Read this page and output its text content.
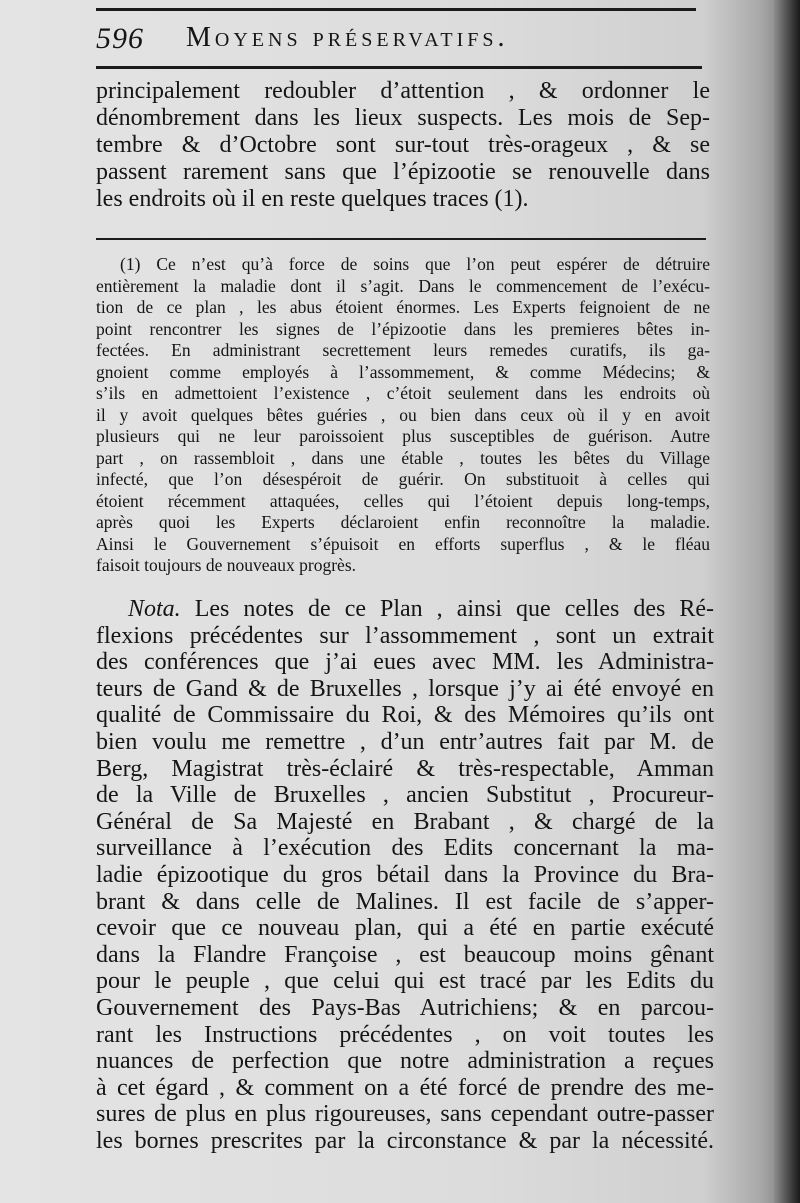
596 Moyens préservatifs.
principalement redoubler d’attention , & ordonner le
dénombrement dans les lieux suspects. Les mois de Sep-
tembre & d’Octobre sont sur-tout très-orageux , & se
passent rarement sans que l’épizootie se renouvelle dans
les endroits où il en reste quelques traces (1).
(1) Ce n’est qu’à force de soins que l’on peut espérer de détruire
entièrement la maladie dont il s’agit. Dans le commencement de l’exécu-
tion de ce plan , les abus étoient énormes. Les Experts feignoient de ne
point rencontrer les signes de l’épizootie dans les premieres bêtes in-
fectées. En administrant secrettement leurs remedes curatifs, ils ga-
gnoient comme employés à l’assommement, & comme Médecins; &
s’ils en admettoient l’existence , c’étoit seulement dans les endroits où
il y avoit quelques bêtes guéries , ou bien dans ceux où il y en avoit
plusieurs qui ne leur paroissoient plus susceptibles de guérison. Autre
part , on rassembloit , dans une étable , toutes les bêtes du Village
infecté, que l’on désespéroit de guérir. On substituoit à celles qui
étoient récemment attaquées, celles qui l’étoient depuis long-temps,
après quoi les Experts déclaroient enfin reconnoître la maladie.
Ainsi le Gouvernement s’épuisoit en efforts superflus , & le fléau
faisoit toujours de nouveaux progrès.
Nota. Les notes de ce Plan , ainsi que celles des Ré-
flexions précédentes sur l’assommement , sont un extrait
des conférences que j’ai eues avec MM. les Administra-
teurs de Gand & de Bruxelles , lorsque j’y ai été envoyé en
qualité de Commissaire du Roi, & des Mémoires qu’ils ont
bien voulu me remettre , d’un entr’autres fait par M. de
Berg, Magistrat très-éclairé & très-respectable, Amman
de la Ville de Bruxelles , ancien Substitut , Procureur-
Général de Sa Majesté en Brabant , & chargé de la
surveillance à l’exécution des Edits concernant la ma-
ladie épizootique du gros bétail dans la Province du Bra-
brant & dans celle de Malines. Il est facile de s’apper-
cevoir que ce nouveau plan, qui a été en partie exécuté
dans la Flandre Françoise , est beaucoup moins gênant
pour le peuple , que celui qui est tracé par les Edits du
Gouvernement des Pays-Bas Autrichiens; & en parcou-
rant les Instructions précédentes , on voit toutes les
nuances de perfection que notre administration a reçues
à cet égard , & comment on a été forcé de prendre des me-
sures de plus en plus rigoureuses, sans cependant outre-passer
les bornes prescrites par la circonstance & par la nécessité.
